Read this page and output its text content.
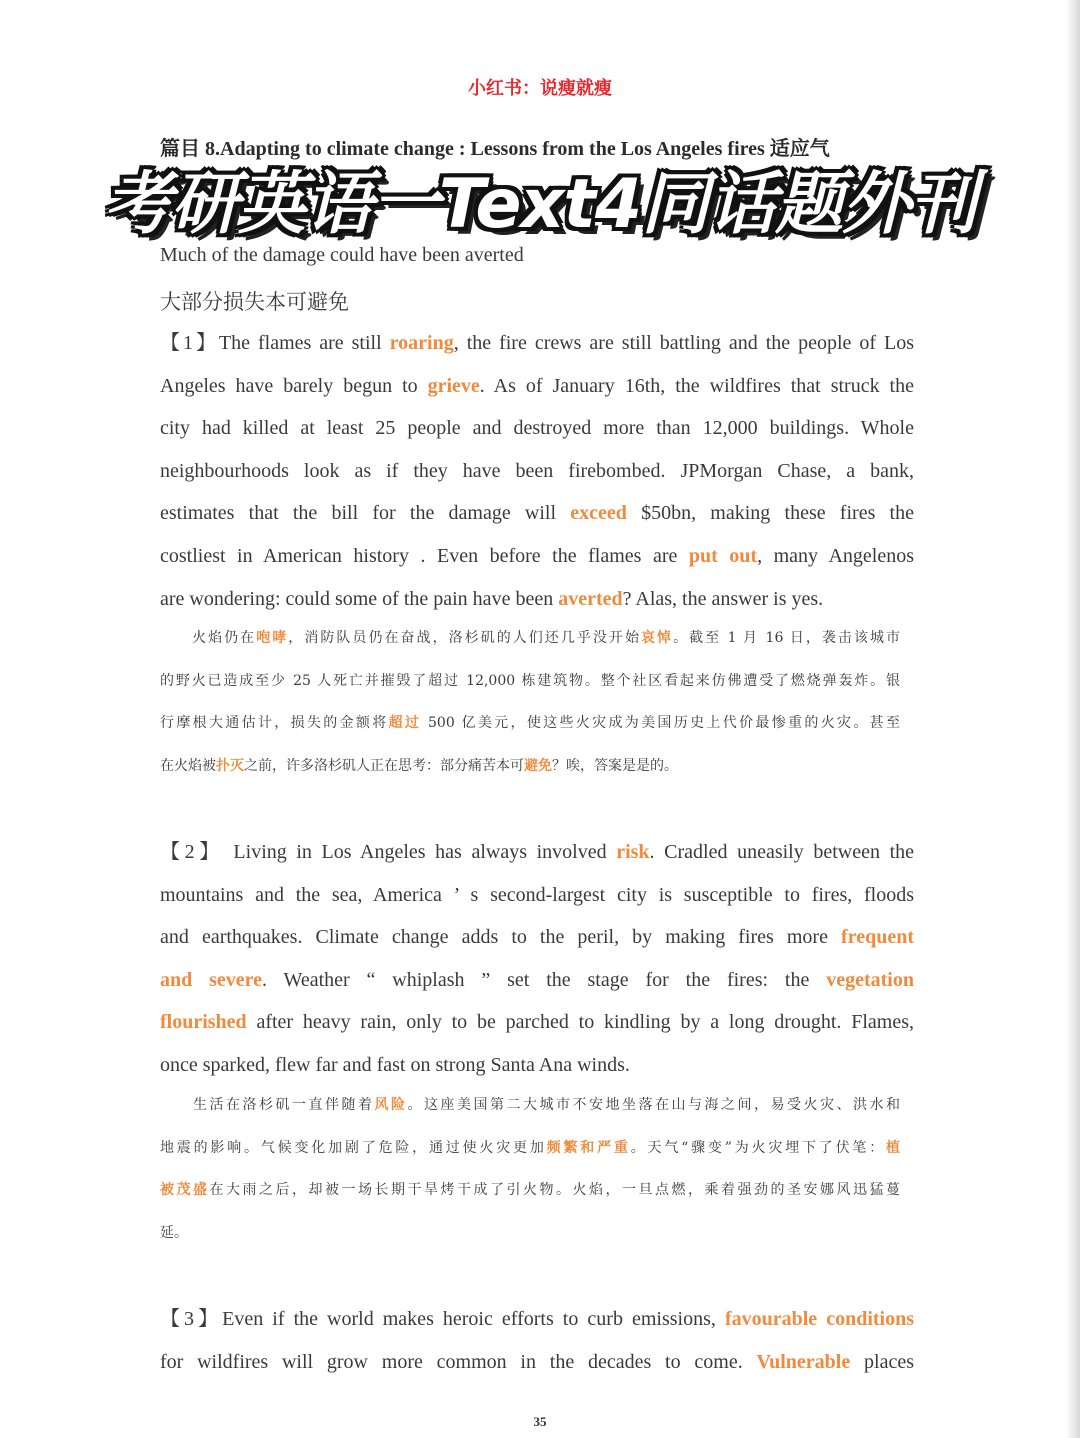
小红书：说瘦就瘦
篇目 8.Adapting to climate change : Lessons from the Los Angeles fires 适应气
考研英语一Text4同话题外刊
Much of the damage could have been averted
大部分损失本可避免
【1】The flames are still roaring, the fire crews are still battling and the people of Los
Angeles have barely begun to grieve. As of January 16th, the wildfires that struck the
city had killed at least 25 people and destroyed more than 12,000 buildings. Whole
neighbourhoods look as if they have been firebombed. JPMorgan Chase, a bank,
estimates that the bill for the damage will exceed $50bn, making these fires the
costliest in American history . Even before the flames are put out, many Angelenos
are wondering: could some of the pain have been averted? Alas, the answer is yes.
　　火焰仍在咆哮，消防队员仍在奋战，洛杉矶的人们还几乎没开始哀悼。截至 1 月 16 日，袭击该城市
的野火已造成至少 25 人死亡并摧毁了超过 12,000 栋建筑物。整个社区看起来仿佛遭受了燃烧弹轰炸。银
行摩根大通估计，损失的金额将超过 500 亿美元，使这些火灾成为美国历史上代价最惨重的火灾。甚至
在火焰被扑灭之前，许多洛杉矶人正在思考：部分痛苦本可避免？唉，答案是是的。
【2】 Living in Los Angeles has always involved risk. Cradled uneasily between the
mountains and the sea, America ’ s second-largest city is susceptible to fires, floods
and earthquakes. Climate change adds to the peril, by making fires more frequent
and severe. Weather “ whiplash ” set the stage for the fires: the vegetation
flourished after heavy rain, only to be parched to kindling by a long drought. Flames,
once sparked, flew far and fast on strong Santa Ana winds.
　　生活在洛杉矶一直伴随着风险。这座美国第二大城市不安地坐落在山与海之间，易受火灾、洪水和
地震的影响。气候变化加剧了危险，通过使火灾更加频繁和严重。天气“骤变”为火灾埋下了伏笔：植
被茂盛在大雨之后，却被一场长期干旱烤干成了引火物。火焰，一旦点燃，乘着强劲的圣安娜风迅猛蔓
延。
【3】Even if the world makes heroic efforts to curb emissions, favourable conditions
for wildfires will grow more common in the decades to come. Vulnerable places
35
